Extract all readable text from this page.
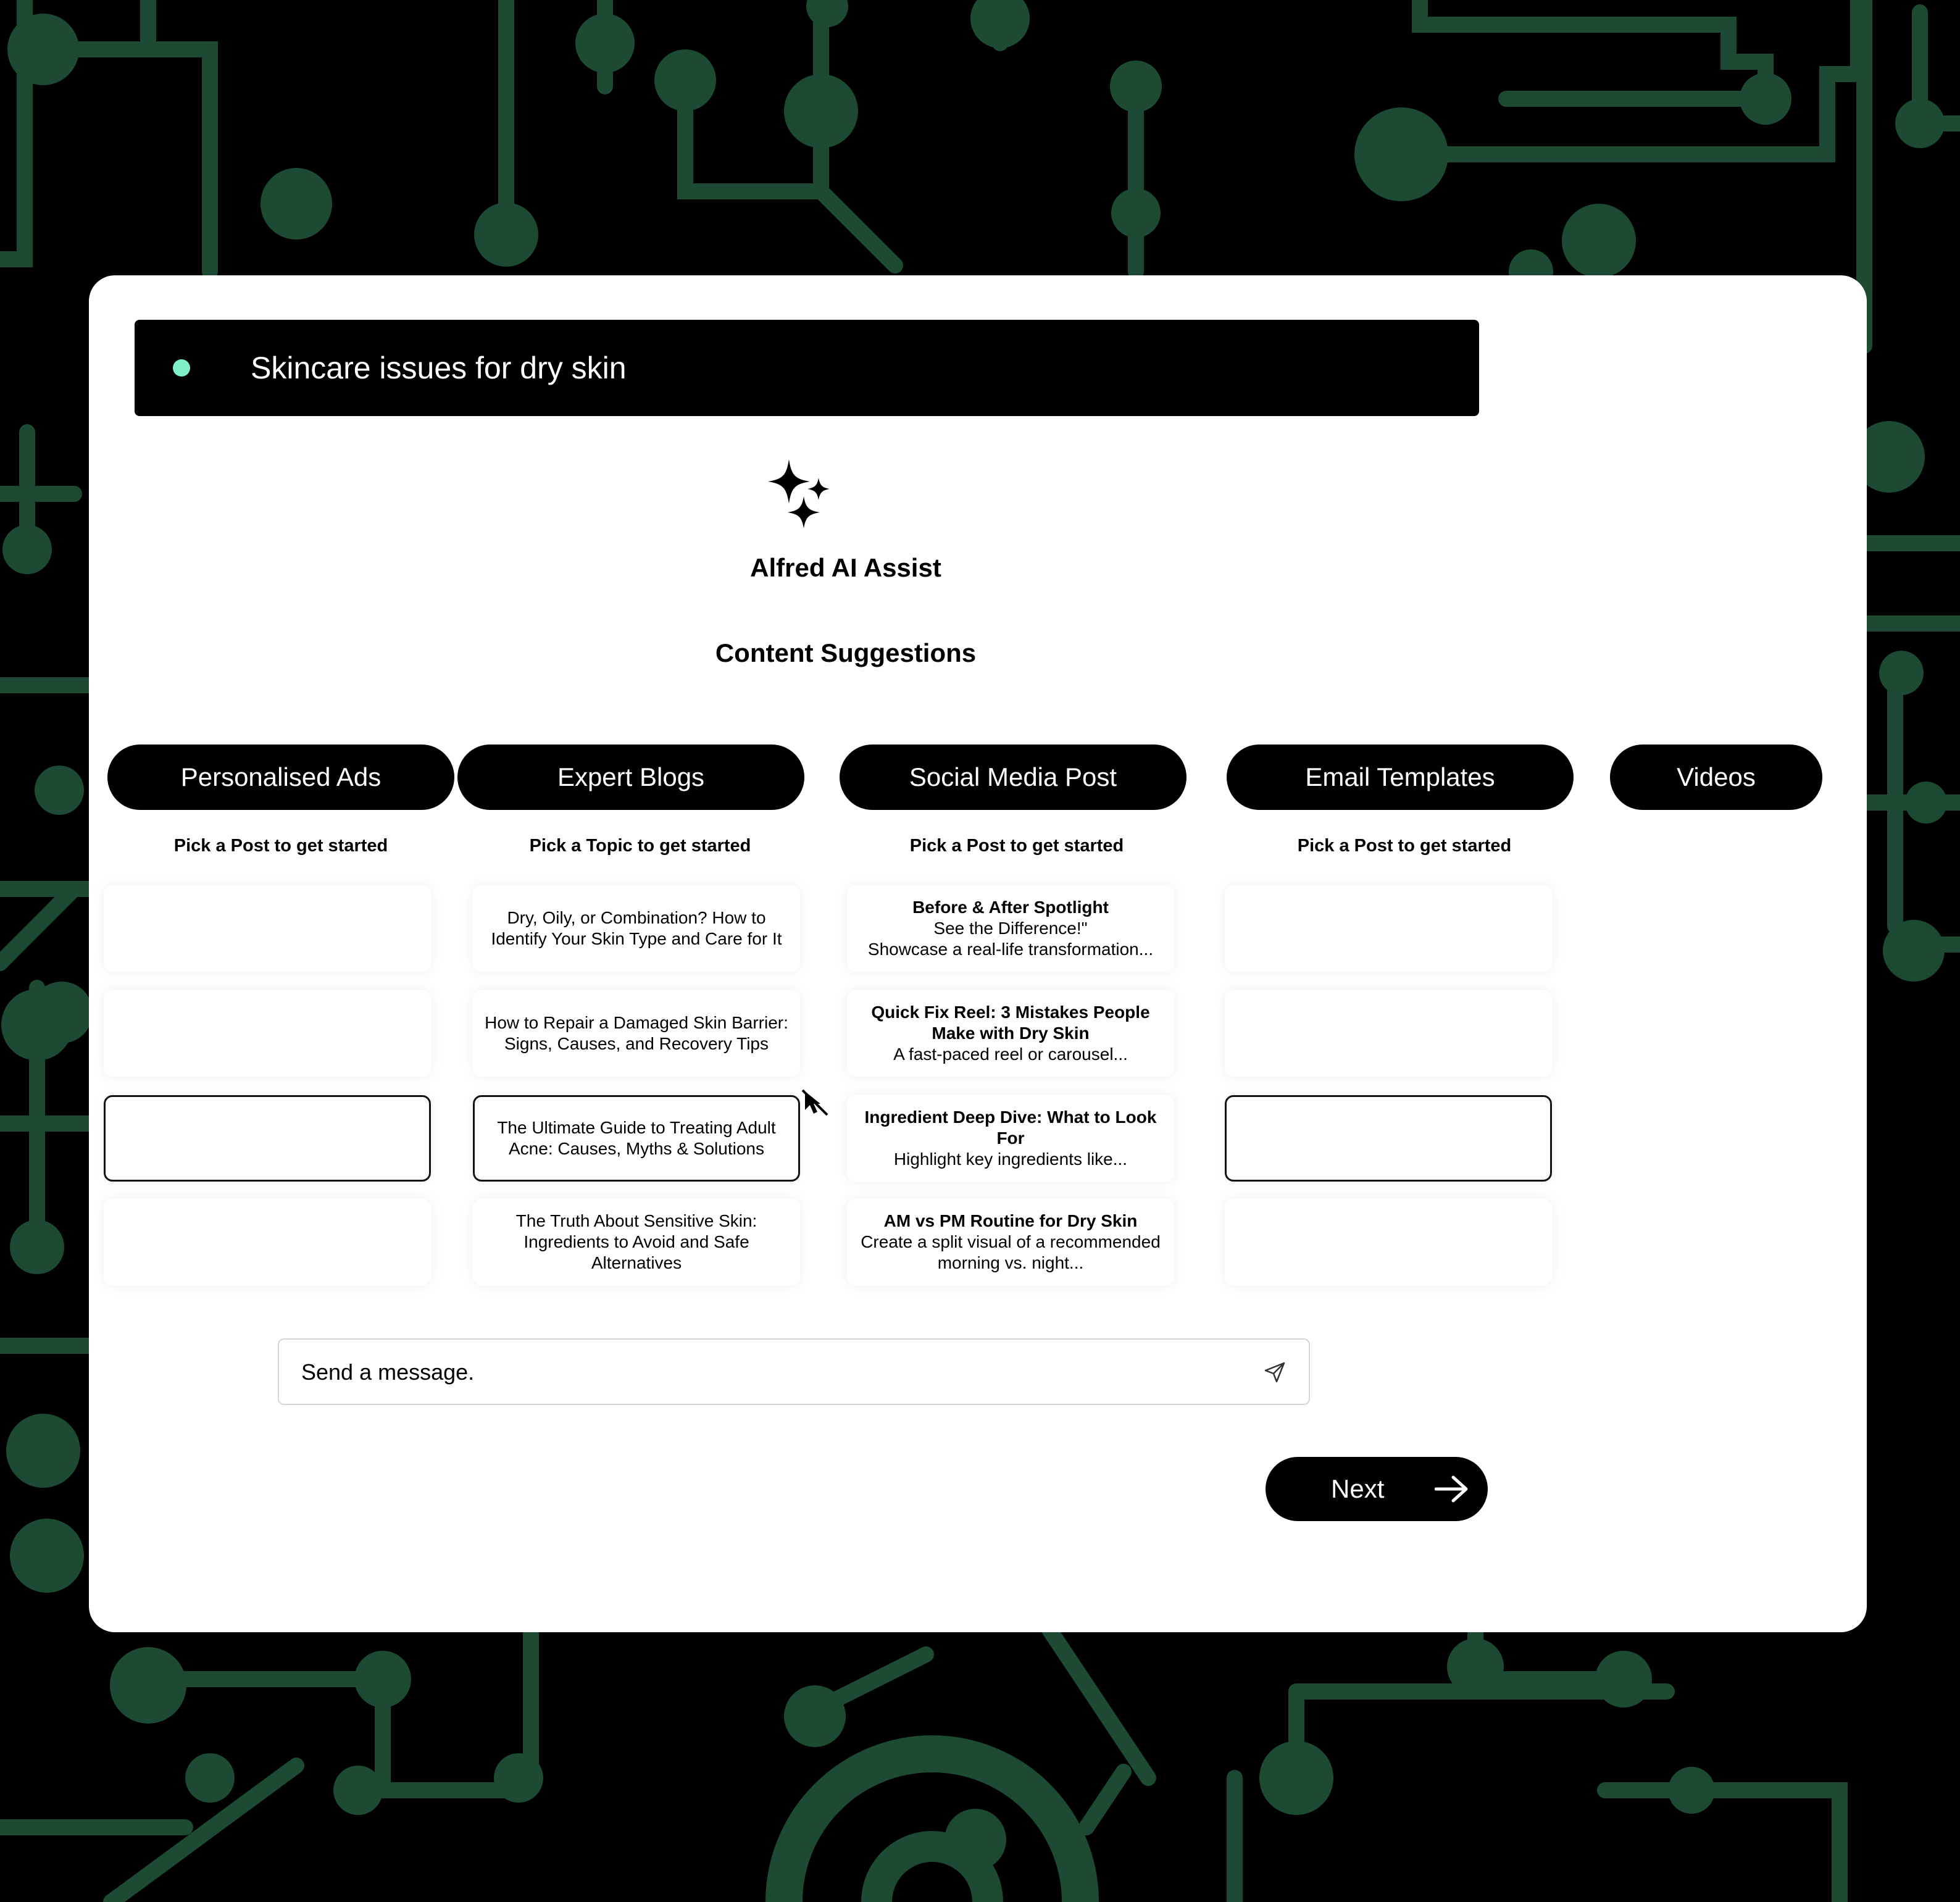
Skincare issues for dry skin
Alfred AI Assist
Content Suggestions
Personalised Ads	Expert Blogs	Social Media Post	Email Templates	Videos
Pick a Post to get started	Pick a Topic to get started	Pick a Post to get started	Pick a Post to get started
Dry, Oily, or Combination? How to Identify Your Skin Type and Care for It
How to Repair a Damaged Skin Barrier: Signs, Causes, and Recovery Tips
The Ultimate Guide to Treating Adult Acne: Causes, Myths & Solutions
The Truth About Sensitive Skin: Ingredients to Avoid and Safe Alternatives
Before & After Spotlight
See the Difference!"
Showcase a real-life transformation...
Quick Fix Reel: 3 Mistakes People Make with Dry Skin
A fast-paced reel or carousel...
Ingredient Deep Dive: What to Look For
Highlight key ingredients like...
AM vs PM Routine for Dry Skin
Create a split visual of a recommended morning vs. night...
Send a message.
Next
